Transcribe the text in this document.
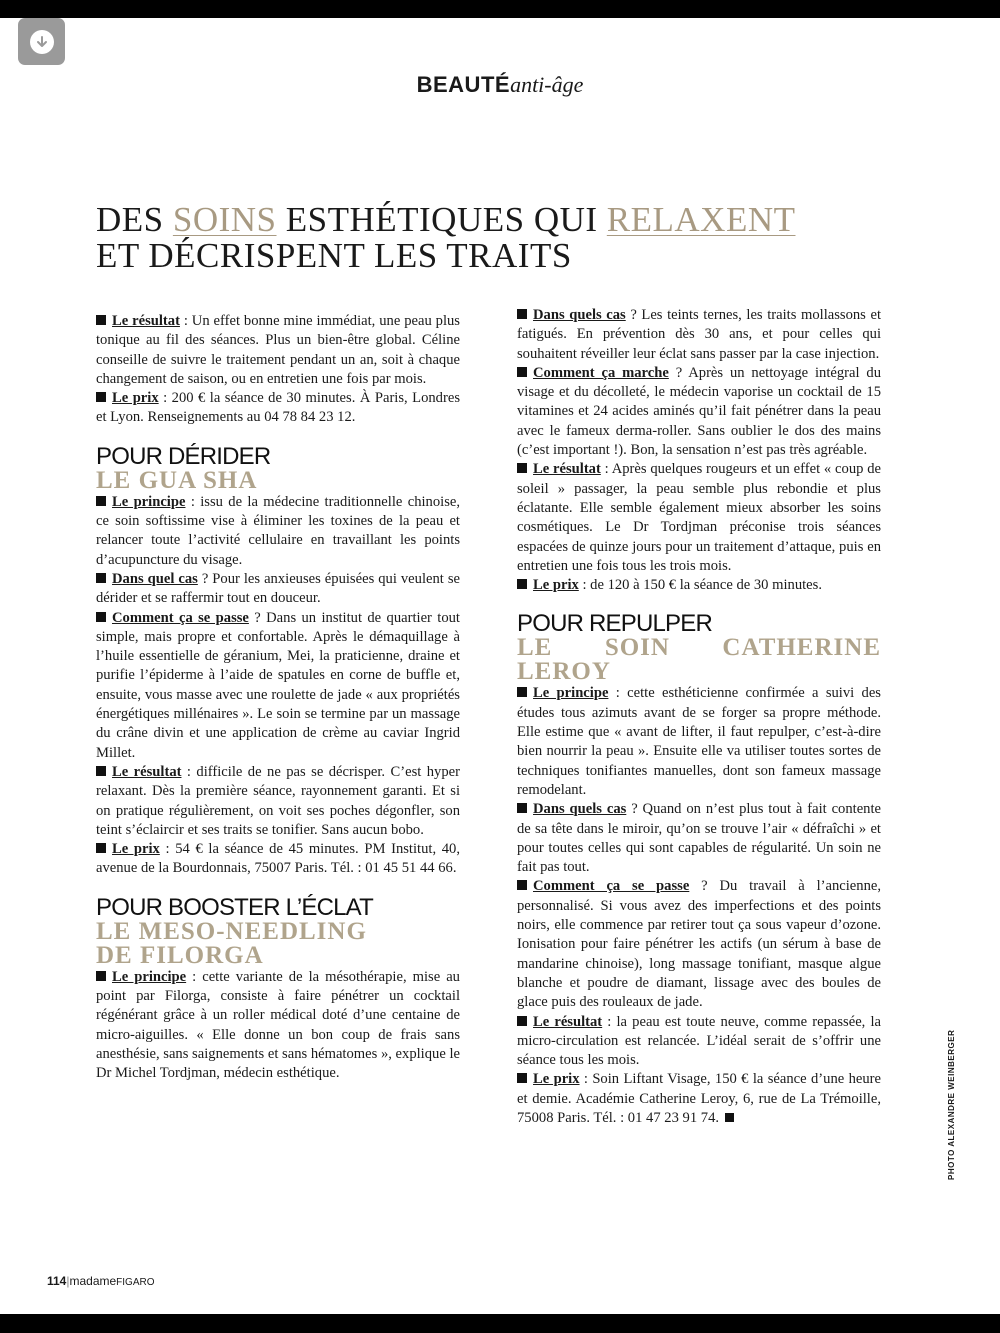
BEAUTÉanti-âge
DES SOINS ESTHÉTIQUES QUI RELAXENT
ET DÉCRISPENT LES TRAITS

Le résultat : Un effet bonne mine immédiat, une peau plus tonique au fil des séances. Plus un bien-être global. Céline conseille de suivre le traitement pendant un an, soit à chaque changement de saison, ou en entretien une fois par mois.

Le prix : 200 € la séance de 30 minutes. À Paris, Londres et Lyon. Renseignements au 04 78 84 23 12.

POUR DÉRIDER

LE GUA SHA

Le principe : issu de la médecine traditionnelle chinoise, ce soin softissime vise à éliminer les toxines de la peau et relancer toute l’activité cellulaire en travaillant les points d’acupuncture du visage.

Dans quel cas ? Pour les anxieuses épuisées qui veulent se dérider et se raffermir tout en douceur.

Comment ça se passe ? Dans un institut de quartier tout simple, mais propre et confortable. Après le démaquillage à l’huile essentielle de géranium, Mei, la praticienne, draine et purifie l’épiderme à l’aide de spatules en corne de buffle et, ensuite, vous masse avec une roulette de jade « aux propriétés énergétiques millénaires ». Le soin se termine par un massage du crâne divin et une application de crème au caviar Ingrid Millet.

Le résultat : difficile de ne pas se décrisper. C’est hyper relaxant. Dès la première séance, rayonnement garanti. Et si on pratique régulièrement, on voit ses poches dégonfler, son teint s’éclaircir et ses traits se tonifier. Sans aucun bobo.

Le prix : 54 € la séance de 45 minutes. PM Institut, 40, avenue de la Bourdonnais, 75007 Paris. Tél. : 01 45 51 44 66.

POUR BOOSTER L’ÉCLAT

LE MESO-NEEDLING

DE FILORGA

Le principe : cette variante de la mésothérapie, mise au point par Filorga, consiste à faire pénétrer un cocktail régénérant grâce à un roller médical doté d’une centaine de micro-aiguilles. « Elle donne un bon coup de frais sans anesthésie, sans saignements et sans hématomes », explique le Dr Michel Tordjman, médecin esthétique.

Dans quels cas ? Les teints ternes, les traits mollassons et fatigués. En prévention dès 30 ans, et pour celles qui souhaitent réveiller leur éclat sans passer par la case injection.

Comment ça marche ? Après un nettoyage intégral du visage et du décolleté, le médecin vaporise un cocktail de 15 vitamines et 24 acides aminés qu’il fait pénétrer dans la peau avec le fameux derma-roller. Sans oublier le dos des mains (c’est important !). Bon, la sensation n’est pas très agréable.

Le résultat : Après quelques rougeurs et un effet « coup de soleil » passager, la peau semble plus rebondie et plus éclatante. Elle semble également mieux absorber les soins cosmétiques. Le Dr Tordjman préconise trois séances espacées de quinze jours pour un traitement d’attaque, puis en entretien une fois tous les trois mois.

Le prix : de 120 à 150 € la séance de 30 minutes.

POUR REPULPER

LE SOIN CATHERINE LEROY

Le principe : cette esthéticienne confirmée a suivi des études tous azimuts avant de se forger sa propre méthode. Elle estime que « avant de lifter, il faut repulper, c’est-à-dire bien nourrir la peau ». Ensuite elle va utiliser toutes sortes de techniques tonifiantes manuelles, dont son fameux massage remodelant.

Dans quels cas ? Quand on n’est plus tout à fait contente de sa tête dans le miroir, qu’on se trouve l’air « défraîchi » et pour toutes celles qui sont capables de régularité. Un soin ne fait pas tout.

Comment ça se passe ? Du travail à l’ancienne, personnalisé. Si vous avez des imperfections et des points noirs, elle commence par retirer tout ça sous vapeur d’ozone. Ionisation pour faire pénétrer les actifs (un sérum à base de mandarine chinoise), long massage tonifiant, masque algue blanche et poudre de diamant, lissage avec des boules de glace puis des rouleaux de jade.

Le résultat : la peau est toute neuve, comme repassée, la micro-circulation est relancée. L’idéal serait de s’offrir une séance tous les mois.

Le prix : Soin Liftant Visage, 150 € la séance d’une heure et demie. Académie Catherine Leroy, 6, rue de La Trémoille, 75008 Paris. Tél. : 01 47 23 91 74.	PHOTO ALEXANDRE WEINBERGER
114|madameFIGARO
